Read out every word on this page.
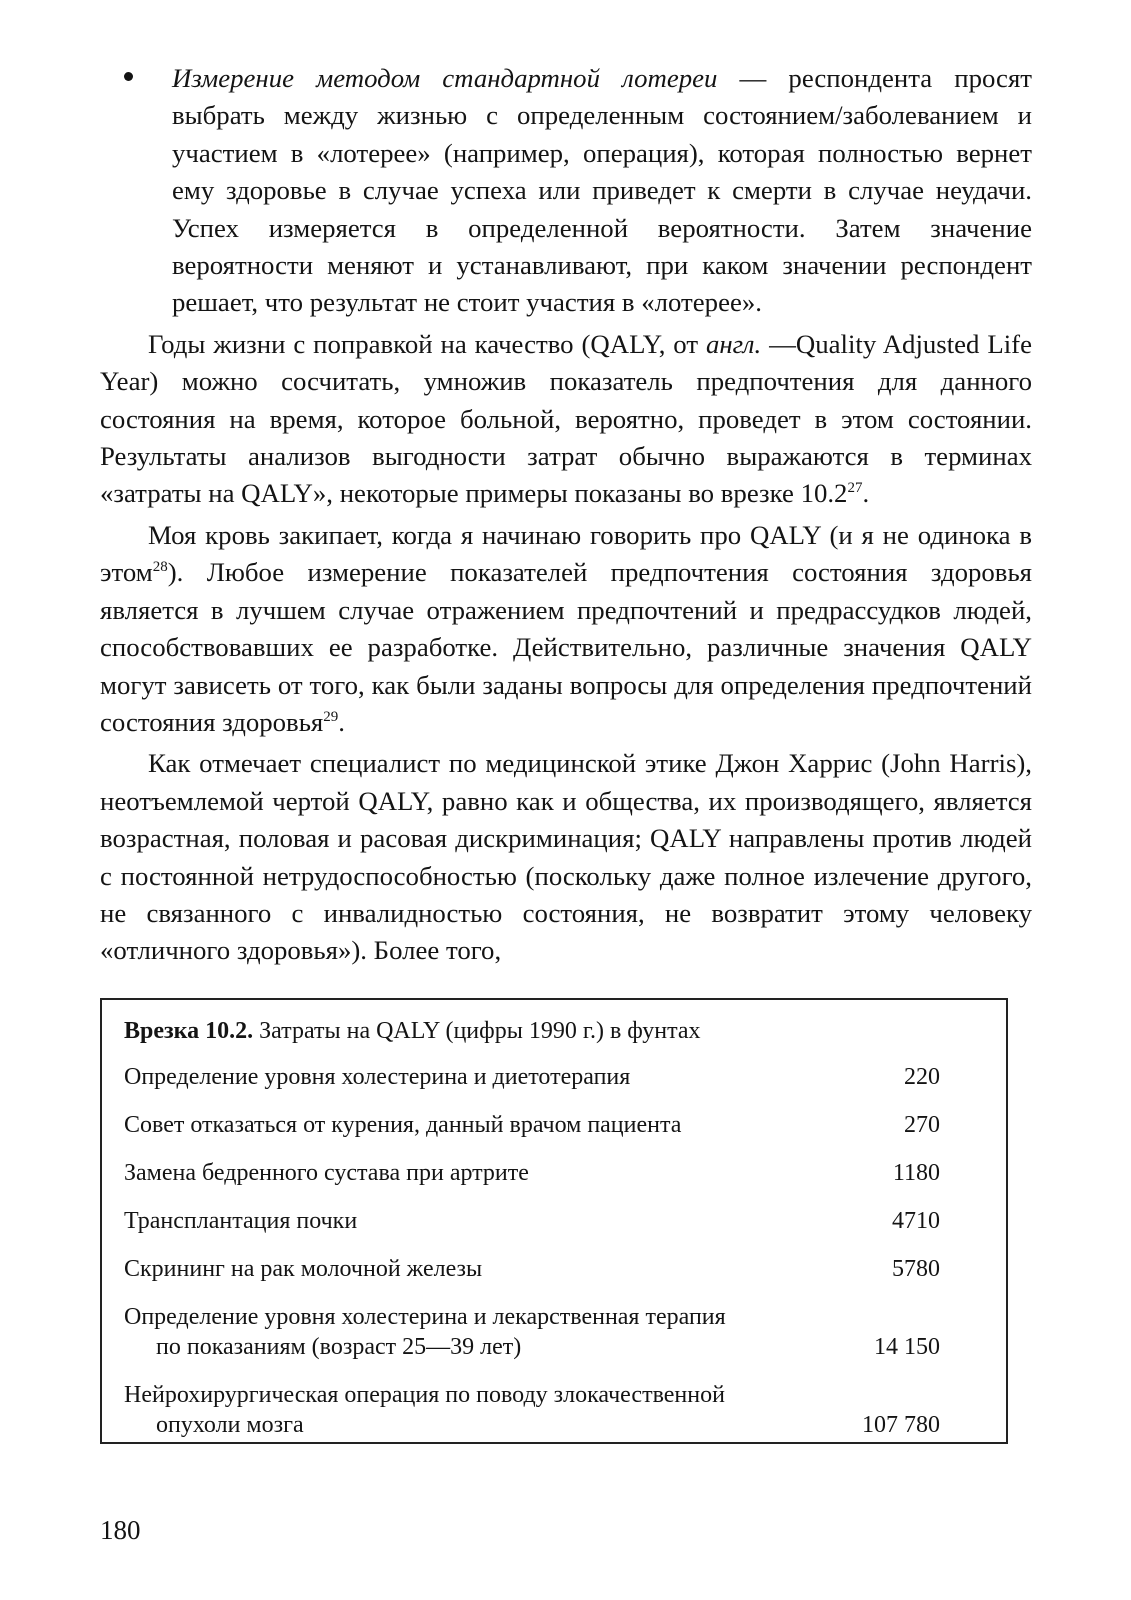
Измерение методом стандартной лотереи — респондента просят выбрать между жизнью с определенным состоянием/заболеванием и участием в «лотерее» (например, операция), которая полностью вернет ему здоровье в случае успеха или приведет к смерти в случае неудачи. Успех измеряется в определенной вероятности. Затем значение вероятности меняют и устанавливают, при каком значении респондент решает, что результат не стоит участия в «лотерее».

Годы жизни с поправкой на качество (QALY, от англ. —Quality Adjusted Life Year) можно сосчитать, умножив показатель предпочтения для данного состояния на время, которое больной, вероятно, проведет в этом состоянии. Результаты анализов выгодности затрат обычно выражаются в терминах «затраты на QALY», некоторые примеры показаны во врезке 10.2$^{27}$.

Моя кровь закипает, когда я начинаю говорить про QALY (и я не одинока в этом$^{28}$). Любое измерение показателей предпочтения состояния здоровья является в лучшем случае отражением предпочтений и предрассудков людей, способствовавших ее разработке. Действительно, различные значения QALY могут зависеть от того, как были заданы вопросы для определения предпочтений состояния здоровья$^{29}$.

Как отмечает специалист по медицинской этике Джон Харрис (John Harris), неотъемлемой чертой QALY, равно как и общества, их производящего, является возрастная, половая и расовая дискриминация; QALY направлены против людей с постоянной нетрудоспособностью (поскольку даже полное излечение другого, не связанного с инвалидностью состояния, не возвратит этому человеку «отличного здоровья»). Более того,

Врезка 10.2. Затраты на QALY (цифры 1990 г.) в фунтах
Определение уровня холестерина и диетотерапия	220
Совет отказаться от курения, данный врачом пациента	270
Замена бедренного сустава при артрите	1180
Трансплантация почки	4710
Скрининг на рак молочной железы	5780
Определение уровня холестерина и лекарственная терапия
по показаниям (возраст 25—39 лет)	14 150
Нейрохирургическая операция по поводу злокачественной
опухоли мозга	107 780
180
